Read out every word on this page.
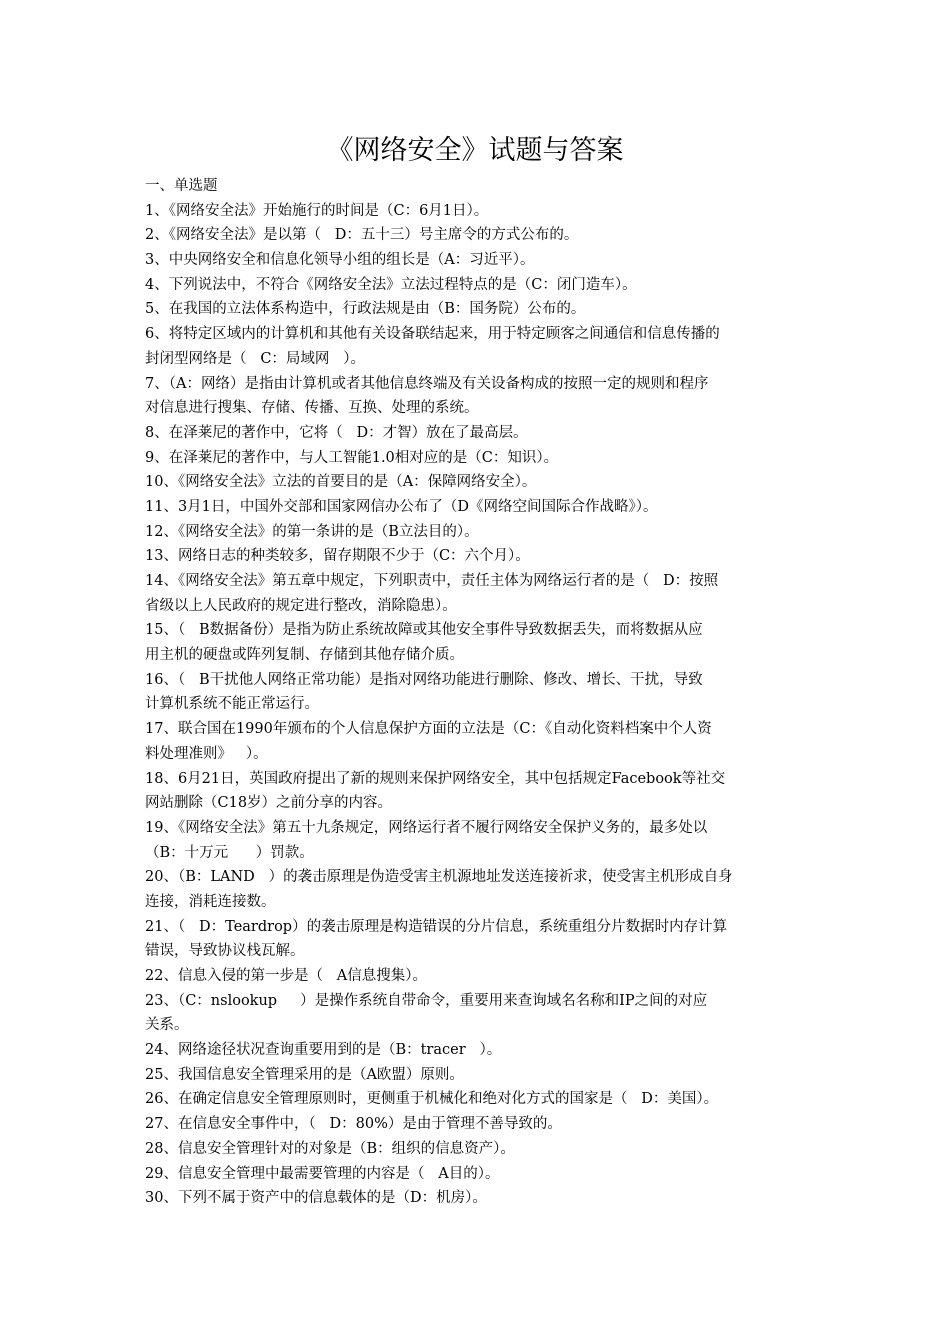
《网络安全》试题与答案
一、单选题
1、《网络安全法》开始施行的时间是（C：6月1日）。
2、《网络安全法》是以第（   D：五十三）号主席令的方式公布的。
3、中央网络安全和信息化领导小组的组长是（A：习近平）。
4、下列说法中，不符合《网络安全法》立法过程特点的是（C：闭门造车）。
5、在我国的立法体系构造中，行政法规是由（B：国务院）公布的。
6、将特定区域内的计算机和其他有关设备联结起来，用于特定顾客之间通信和信息传播的
封闭型网络是（   C：局域网   ）。
7、（A：网络）是指由计算机或者其他信息终端及有关设备构成的按照一定的规则和程序
对信息进行搜集、存储、传播、互换、处理的系统。
8、在泽莱尼的著作中，它将（   D：才智）放在了最高层。
9、在泽莱尼的著作中，与人工智能1.0相对应的是（C：知识）。
10、《网络安全法》立法的首要目的是（A：保障网络安全）。
11、3月1日，中国外交部和国家网信办公布了（D《网络空间国际合作战略》）。
12、《网络安全法》的第一条讲的是（B立法目的）。
13、网络日志的种类较多，留存期限不少于（C：六个月）。
14、《网络安全法》第五章中规定，下列职责中，责任主体为网络运行者的是（   D：按照
省级以上人民政府的规定进行整改，消除隐患）。
15、（   B数据备份）是指为防止系统故障或其他安全事件导致数据丢失，而将数据从应
用主机的硬盘或阵列复制、存储到其他存储介质。
16、（   B干扰他人网络正常功能）是指对网络功能进行删除、修改、增长、干扰，导致
计算机系统不能正常运行。
17、联合国在1990年颁布的个人信息保护方面的立法是（C：《自动化资料档案中个人资
料处理准则》   ）。
18、6月21日，英国政府提出了新的规则来保护网络安全，其中包括规定Facebook等社交
网站删除（C18岁）之前分享的内容。
19、《网络安全法》第五十九条规定，网络运行者不履行网络安全保护义务的，最多处以
（B：十万元      ）罚款。
20、（B：LAND   ）的袭击原理是伪造受害主机源地址发送连接祈求，使受害主机形成自身
连接，消耗连接数。
21、（   D：Teardrop）的袭击原理是构造错误的分片信息，系统重组分片数据时内存计算
错误，导致协议栈瓦解。
22、信息入侵的第一步是（   A信息搜集）。
23、（C：nslookup     ）是操作系统自带命令，重要用来查询域名名称和IP之间的对应
关系。
24、网络途径状况查询重要用到的是（B：tracer   ）。
25、我国信息安全管理采用的是（A欧盟）原则。
26、在确定信息安全管理原则时，更侧重于机械化和绝对化方式的国家是（   D：美国）。
27、在信息安全事件中，（   D：80%）是由于管理不善导致的。
28、信息安全管理针对的对象是（B：组织的信息资产）。
29、信息安全管理中最需要管理的内容是（   A目的）。
30、下列不属于资产中的信息载体的是（D：机房）。
